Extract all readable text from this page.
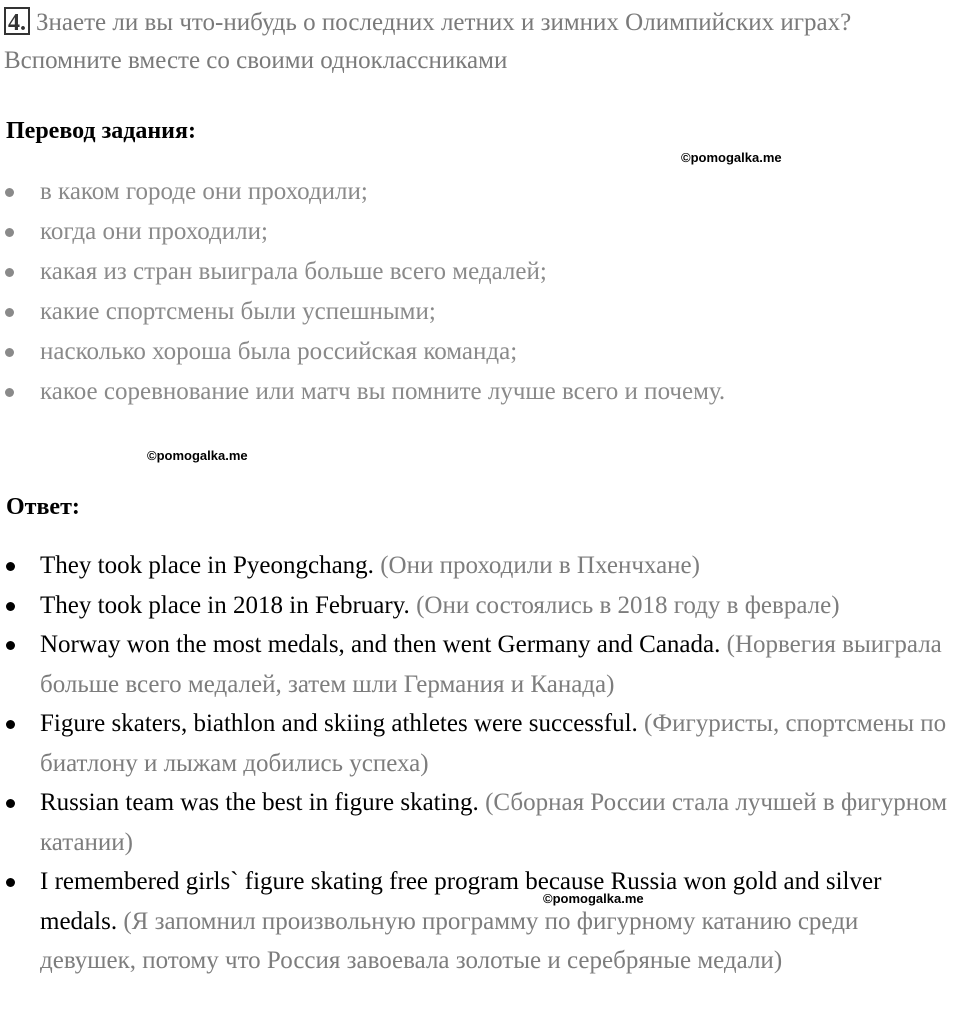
4. Знаете ли вы что-нибудь о последних летних и зимних Олимпийских играх? Вспомните вместе со своими одноклассниками
Перевод задания:
©pomogalka.me
в каком городе они проходили;
когда они проходили;
какая из стран выиграла больше всего медалей;
какие спортсмены были успешными;
насколько хороша была российская команда;
какое соревнование или матч вы помните лучше всего и почему.
©pomogalka.me
Ответ:
They took place in Pyeongchang. (Они проходили в Пхенчхане)
They took place in 2018 in February. (Они состоялись в 2018 году в феврале)
Norway won the most medals, and then went Germany and Canada. (Норвегия выиграла больше всего медалей, затем шли Германия и Канада)
Figure skaters, biathlon and skiing athletes were successful. (Фигуристы, спортсмены по биатлону и лыжам добились успеха)
Russian team was the best in figure skating. (Сборная России стала лучшей в фигурном катании)
I remembered girls` figure skating free program because Russia won gold and silver medals. (Я запомнил произвольную программу по фигурному катанию среди девушек, потому что Россия завоевала золотые и серебряные медали)
©pomogalka.me
